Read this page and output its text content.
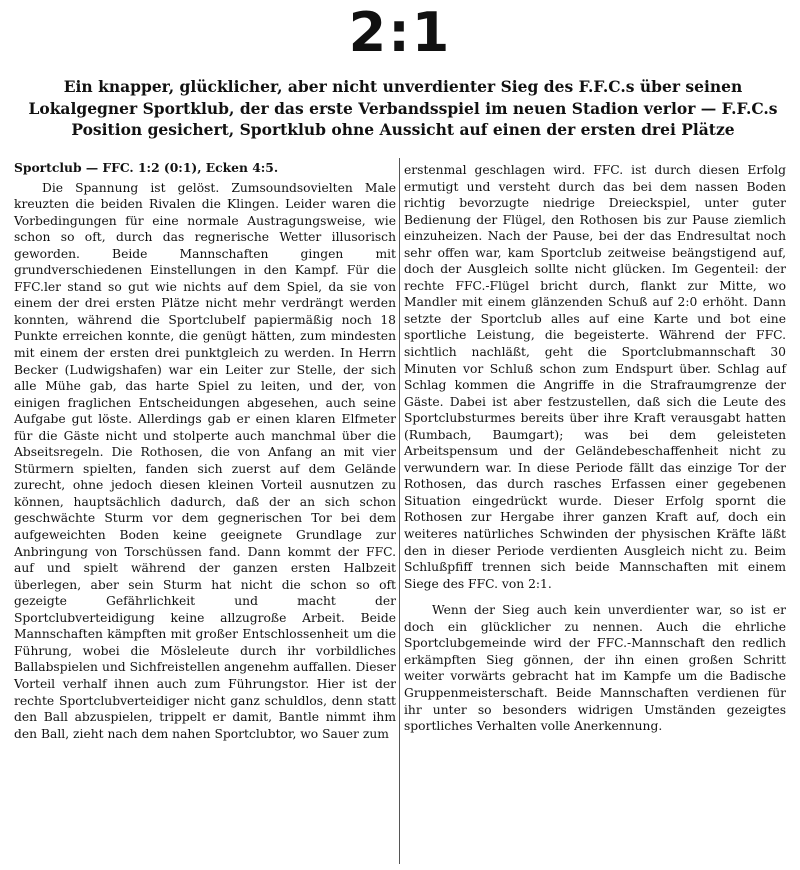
2:1
Ein knapper, glücklicher, aber nicht unverdienter Sieg des F.F.C.s über seinen Lokalgegner Sportklub, der das erste Verbandsspiel im neuen Stadion verlor — F.F.C.s Position gesichert, Sportklub ohne Aussicht auf einen der ersten drei Plätze

Sportclub — FFC. 1:2 (0:1), Ecken 4:5.

Die Spannung ist gelöst. Zumsoundsovielten Male kreuzten die beiden Rivalen die Klingen. Leider waren die Vorbedingungen für eine normale Austragungsweise, wie schon so oft, durch das regnerische Wetter illusorisch geworden. Beide Mannschaften gingen mit grundverschiedenen Einstellungen in den Kampf. Für die FFC.ler stand so gut wie nichts auf dem Spiel, da sie von einem der drei ersten Plätze nicht mehr verdrängt werden konnten, während die Sportclubelf papiermäßig noch 18 Punkte erreichen konnte, die genügt hätten, zum mindesten mit einem der ersten drei punktgleich zu werden. In Herrn Becker (Ludwigshafen) war ein Leiter zur Stelle, der sich alle Mühe gab, das harte Spiel zu leiten, und der, von einigen fraglichen Entscheidungen abgesehen, auch seine Aufgabe gut löste. Allerdings gab er einen klaren Elfmeter für die Gäste nicht und stolperte auch manchmal über die Abseitsregeln. Die Rothosen, die von Anfang an mit vier Stürmern spielten, fanden sich zuerst auf dem Gelände zurecht, ohne jedoch diesen kleinen Vorteil ausnutzen zu können, hauptsächlich dadurch, daß der an sich schon geschwächte Sturm vor dem gegnerischen Tor bei dem aufgeweichten Boden keine geeignete Grundlage zur Anbringung von Torschüssen fand. Dann kommt der FFC. auf und spielt während der ganzen ersten Halbzeit überlegen, aber sein Sturm hat nicht die schon so oft gezeigte Gefährlichkeit und macht der Sportclubverteidigung keine allzugroße Arbeit. Beide Mannschaften kämpften mit großer Entschlossenheit um die Führung, wobei die Mösleleute durch ihr vorbildliches Ballabspielen und Sichfreistellen angenehm auffallen. Dieser Vorteil verhalf ihnen auch zum Führungstor. Hier ist der rechte Sportclubverteidiger nicht ganz schuldlos, denn statt den Ball abzuspielen, trippelt er damit, Bantle nimmt ihm den Ball, zieht nach dem nahen Sportclubtor, wo Sauer zum

erstenmal geschlagen wird. FFC. ist durch diesen Erfolg ermutigt und versteht durch das bei dem nassen Boden richtig bevorzugte niedrige Dreieckspiel, unter guter Bedienung der Flügel, den Rothosen bis zur Pause ziemlich einzuheizen. Nach der Pause, bei der das Endresultat noch sehr offen war, kam Sportclub zeitweise beängstigend auf, doch der Ausgleich sollte nicht glücken. Im Gegenteil: der rechte FFC.-Flügel bricht durch, flankt zur Mitte, wo Mandler mit einem glänzenden Schuß auf 2:0 erhöht. Dann setzte der Sportclub alles auf eine Karte und bot eine sportliche Leistung, die begeisterte. Während der FFC. sichtlich nachläßt, geht die Sportclubmannschaft 30 Minuten vor Schluß schon zum Endspurt über. Schlag auf Schlag kommen die Angriffe in die Strafraumgrenze der Gäste. Dabei ist aber festzustellen, daß sich die Leute des Sportclubsturmes bereits über ihre Kraft verausgabt hatten (Rumbach, Baumgart); was bei dem geleisteten Arbeitspensum und der Geländebeschaffenheit nicht zu verwundern war. In diese Periode fällt das einzige Tor der Rothosen, das durch rasches Erfassen einer gegebenen Situation eingedrückt wurde. Dieser Erfolg spornt die Rothosen zur Hergabe ihrer ganzen Kraft auf, doch ein weiteres natürliches Schwinden der physischen Kräfte läßt den in dieser Periode verdienten Ausgleich nicht zu. Beim Schlußpfiff trennen sich beide Mannschaften mit einem Siege des FFC. von 2:1.

Wenn der Sieg auch kein unverdienter war, so ist er doch ein glücklicher zu nennen. Auch die ehrliche Sportclubgemeinde wird der FFC.-Mannschaft den redlich erkämpften Sieg gönnen, der ihn einen großen Schritt weiter vorwärts gebracht hat im Kampfe um die Badische Gruppenmeisterschaft. Beide Mannschaften verdienen für ihr unter so besonders widrigen Umständen gezeigtes sportliches Verhalten volle Anerkennung.
